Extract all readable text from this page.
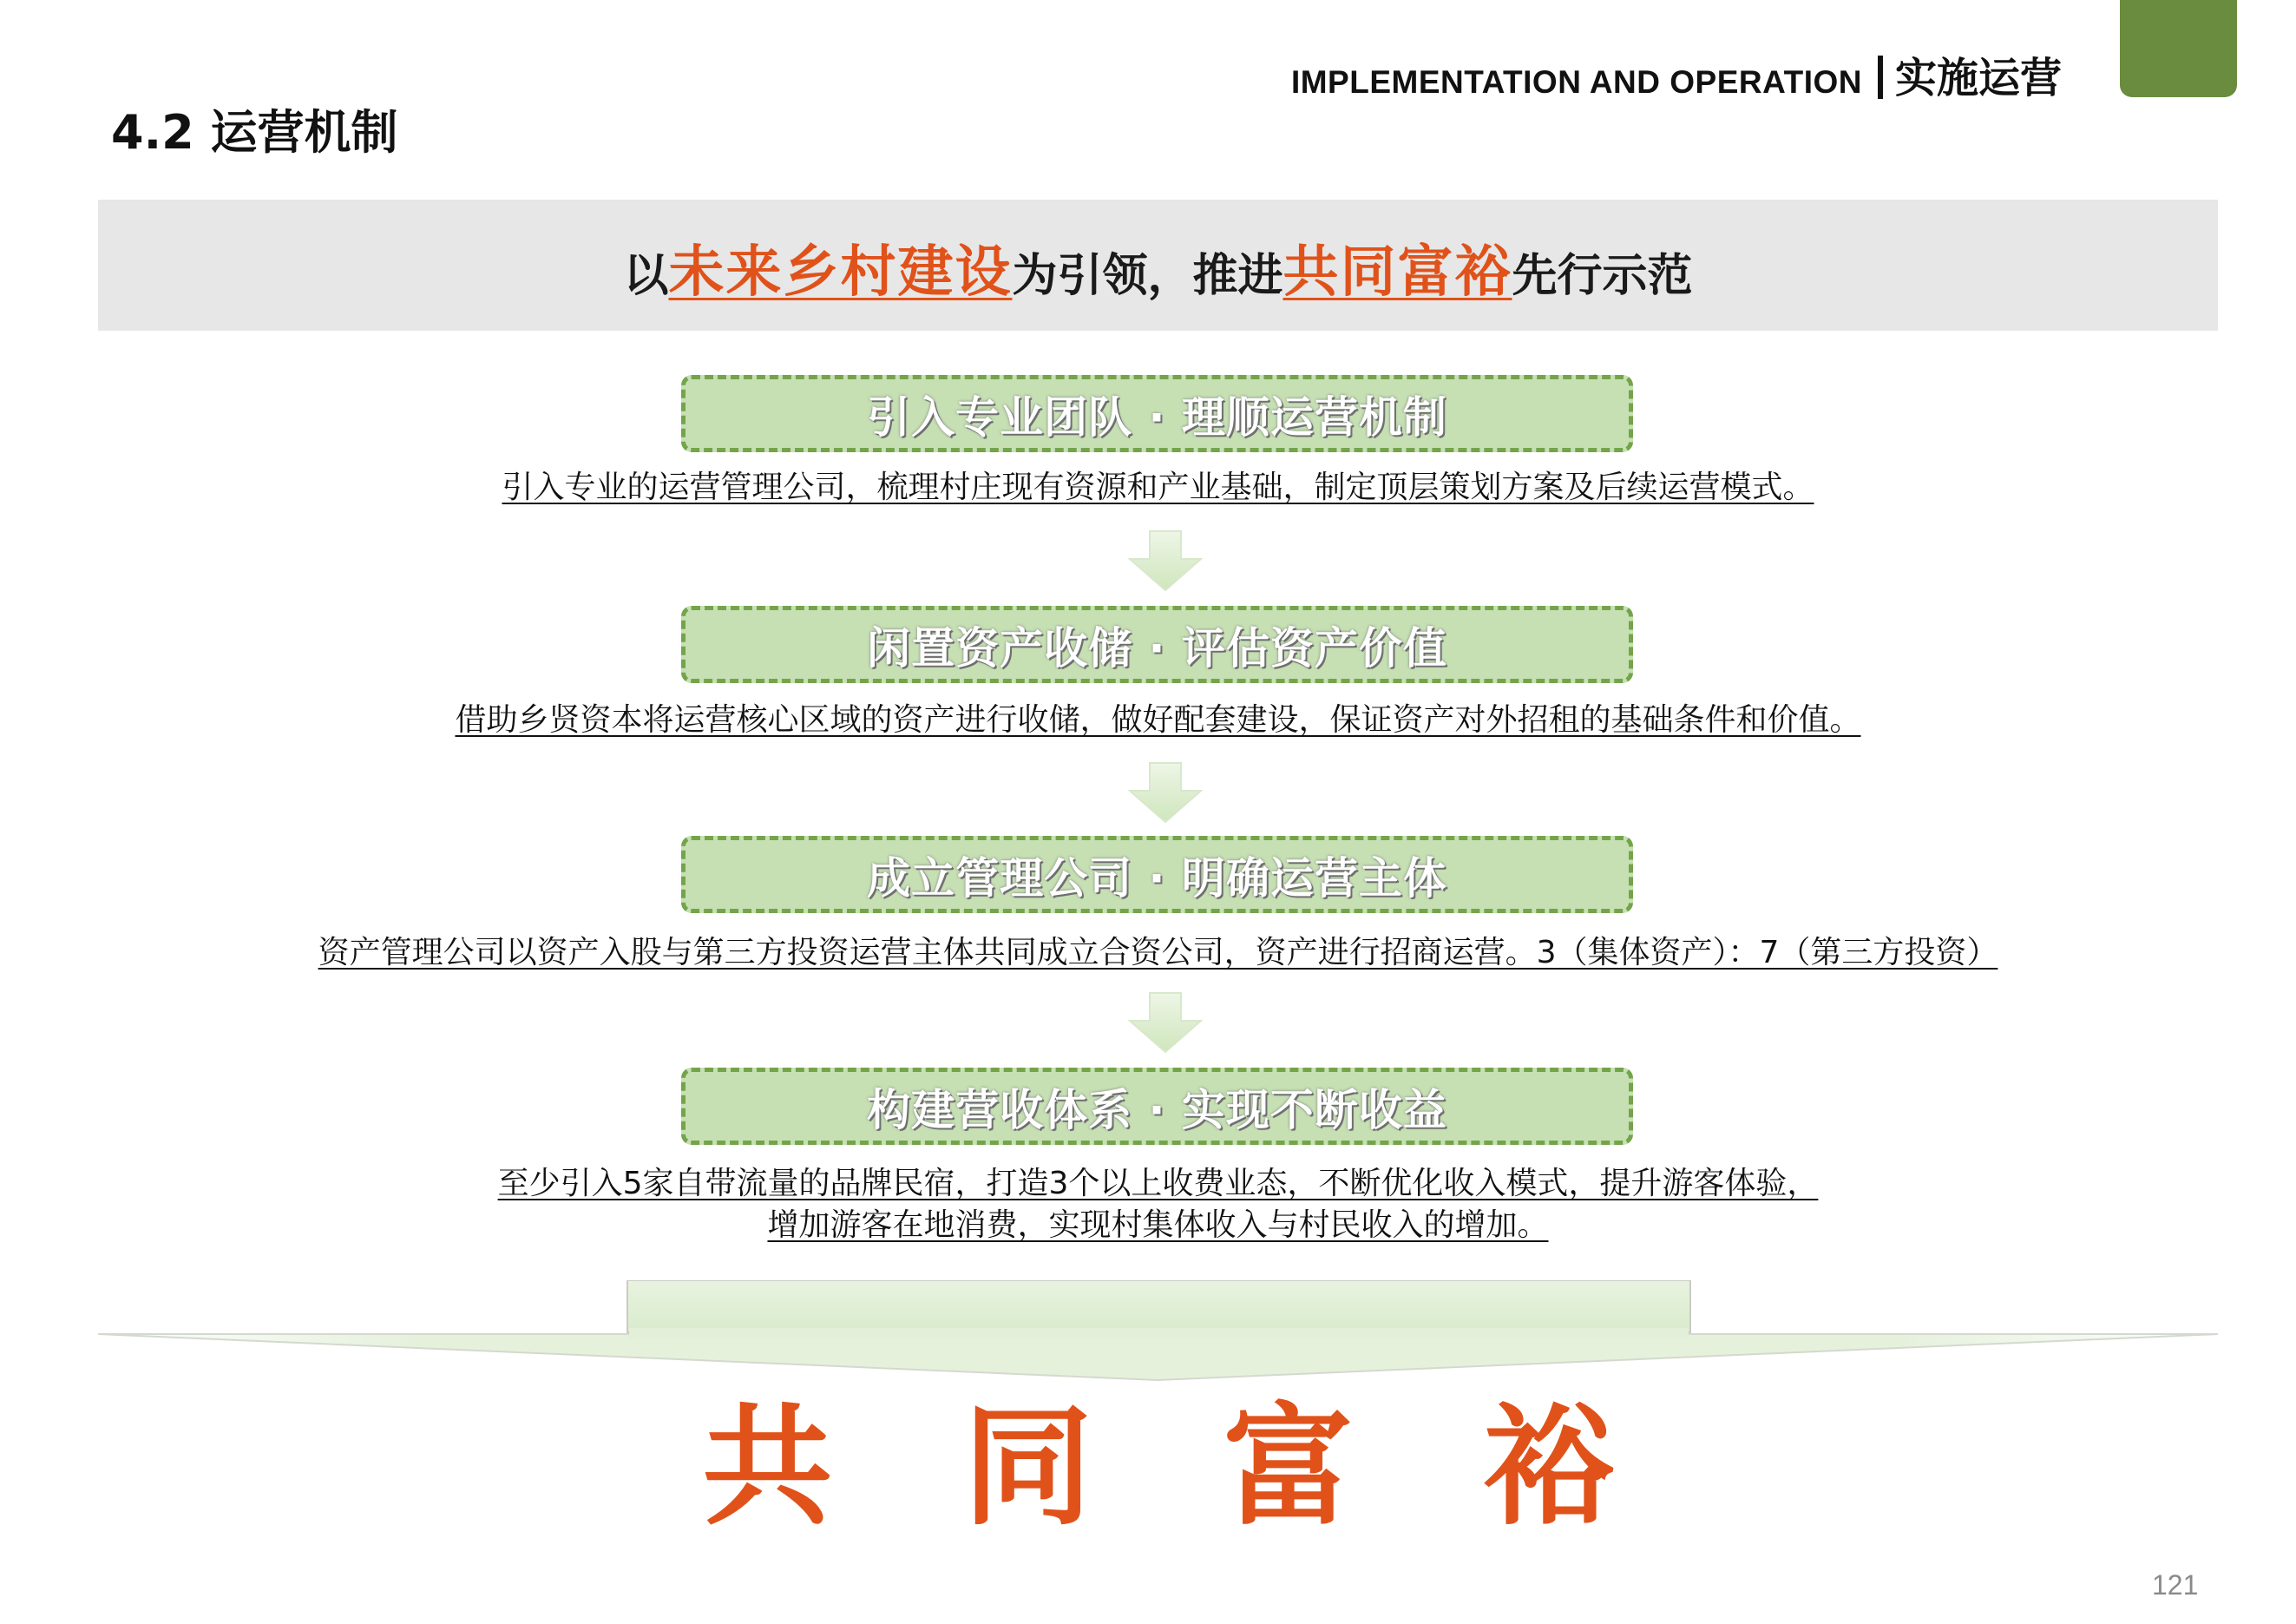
IMPLEMENTATION AND OPERATION 实施运营
4.2 运营机制
以 未来乡村建设 为引领，推进 共同富裕 先行示范
引入专业团队 · 理顺运营机制
引入专业的运营管理公司，梳理村庄现有资源和产业基础，制定顶层策划方案及后续运营模式。
闲置资产收储 · 评估资产价值
借助乡贤资本将运营核心区域的资产进行收储，做好配套建设，保证资产对外招租的基础条件和价值。
成立管理公司 · 明确运营主体
资产管理公司以资产入股与第三方投资运营主体共同成立合资公司，资产进行招商运营。3（集体资产）：7（第三方投资）
构建营收体系 · 实现不断收益
至少引入5家自带流量的品牌民宿，打造3个以上收费业态，不断优化收入模式，提升游客体验，
增加游客在地消费，实现村集体收入与村民收入的增加。
共 同 富 裕
121
